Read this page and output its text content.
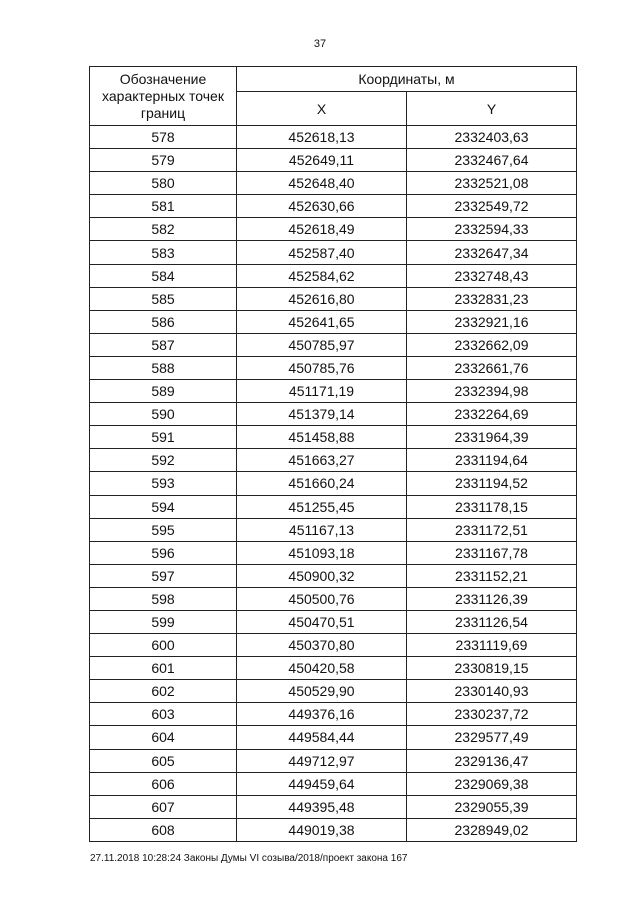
37
Обозначение характерных точек границ	Координаты, м	
	X	Y
578	452618,13	2332403,63
579	452649,11	2332467,64
580	452648,40	2332521,08
581	452630,66	2332549,72
582	452618,49	2332594,33
583	452587,40	2332647,34
584	452584,62	2332748,43
585	452616,80	2332831,23
586	452641,65	2332921,16
587	450785,97	2332662,09
588	450785,76	2332661,76
589	451171,19	2332394,98
590	451379,14	2332264,69
591	451458,88	2331964,39
592	451663,27	2331194,64
593	451660,24	2331194,52
594	451255,45	2331178,15
595	451167,13	2331172,51
596	451093,18	2331167,78
597	450900,32	2331152,21
598	450500,76	2331126,39
599	450470,51	2331126,54
600	450370,80	2331119,69
601	450420,58	2330819,15
602	450529,90	2330140,93
603	449376,16	2330237,72
604	449584,44	2329577,49
605	449712,97	2329136,47
606	449459,64	2329069,38
607	449395,48	2329055,39
608	449019,38	2328949,02
27.11.2018 10:28:24 Законы Думы VI созыва/2018/проект закона 167
